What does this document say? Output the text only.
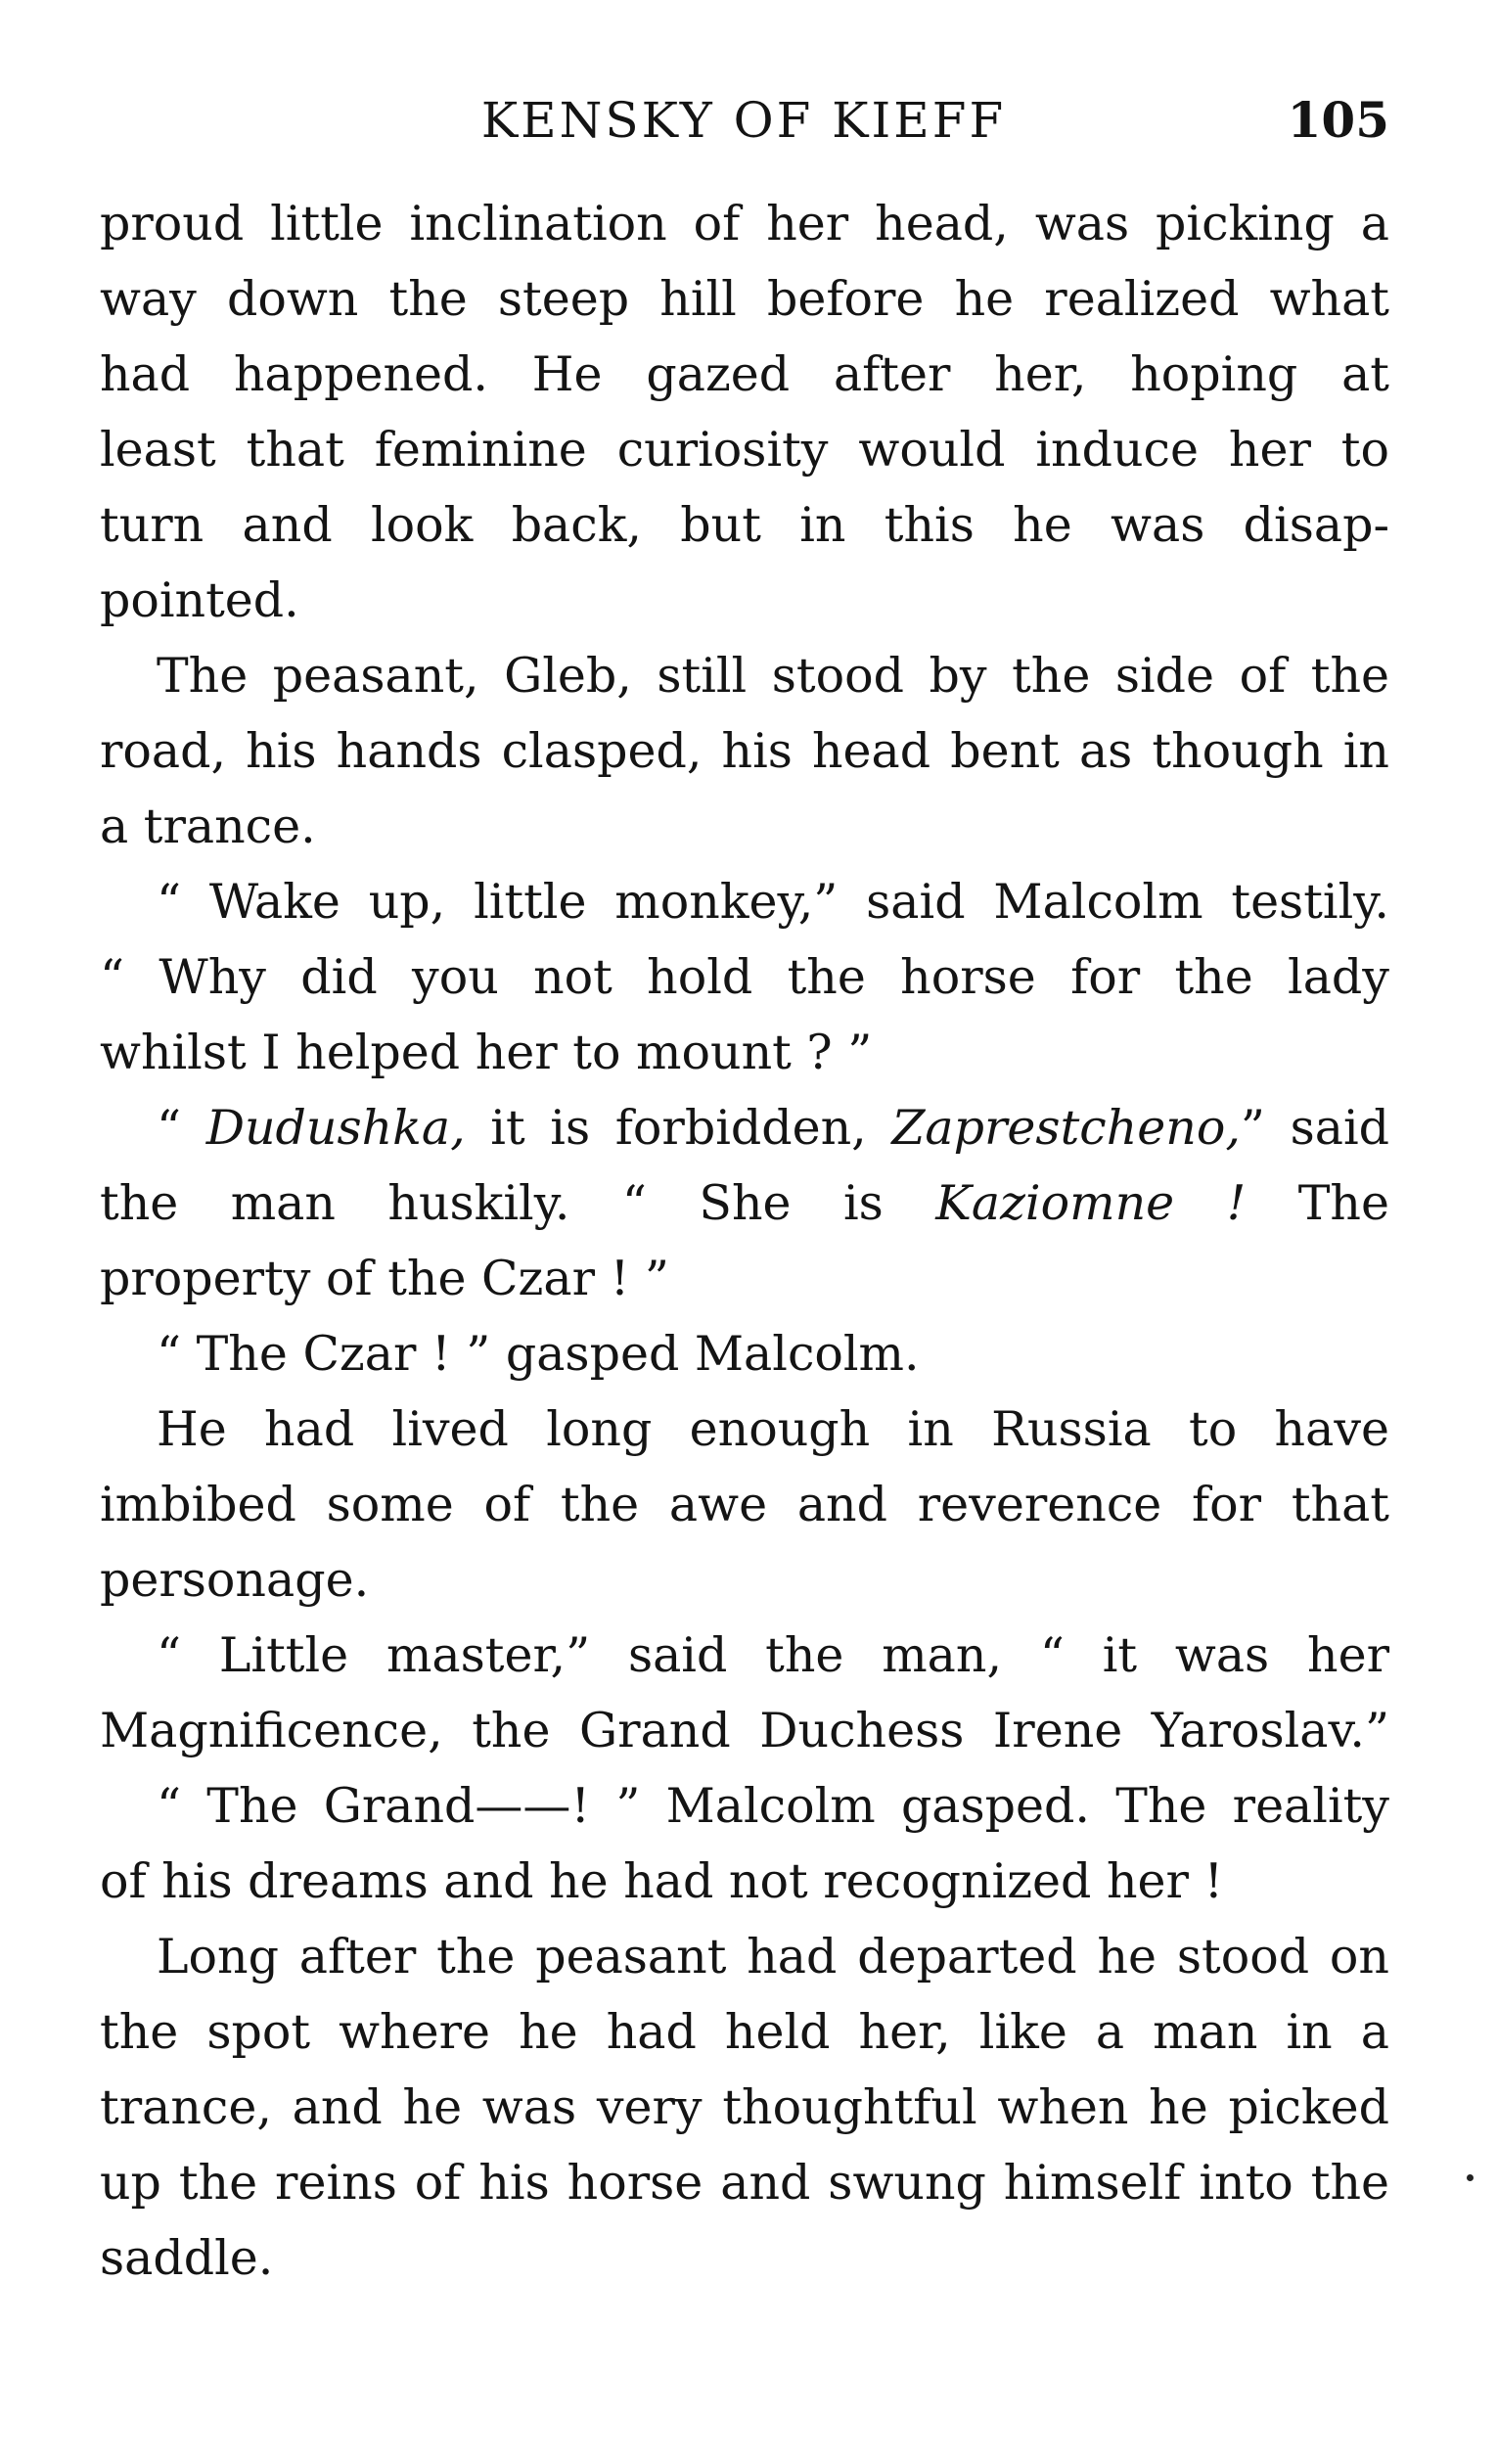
KENSKY OF KIEFF	105
proud little inclination of her head, was picking a
way down the steep hill before he realized what
had happened. He gazed after her, hoping at
least that feminine curiosity would induce her to
turn and look back, but in this he was disap-
pointed.
The peasant, Gleb, still stood by the side of the
road, his hands clasped, his head bent as though in
a trance.
“ Wake up, little monkey,” said Malcolm testily.
“ Why did you not hold the horse for the lady
whilst I helped her to mount ? ”
“ Dudushka, it is forbidden, Zaprestcheno,” said
the man huskily. “ She is Kaziomne ! The
property of the Czar ! ”
“ The Czar ! ” gasped Malcolm.
He had lived long enough in Russia to have
imbibed some of the awe and reverence for that
personage.
“ Little master,” said the man, “ it was her
Magnificence, the Grand Duchess Irene Yaroslav.”
“ The Grand——! ” Malcolm gasped. The reality
of his dreams and he had not recognized her !
Long after the peasant had departed he stood on
the spot where he had held her, like a man in a
trance, and he was very thoughtful when he picked
up the reins of his horse and swung himself into the
saddle.
